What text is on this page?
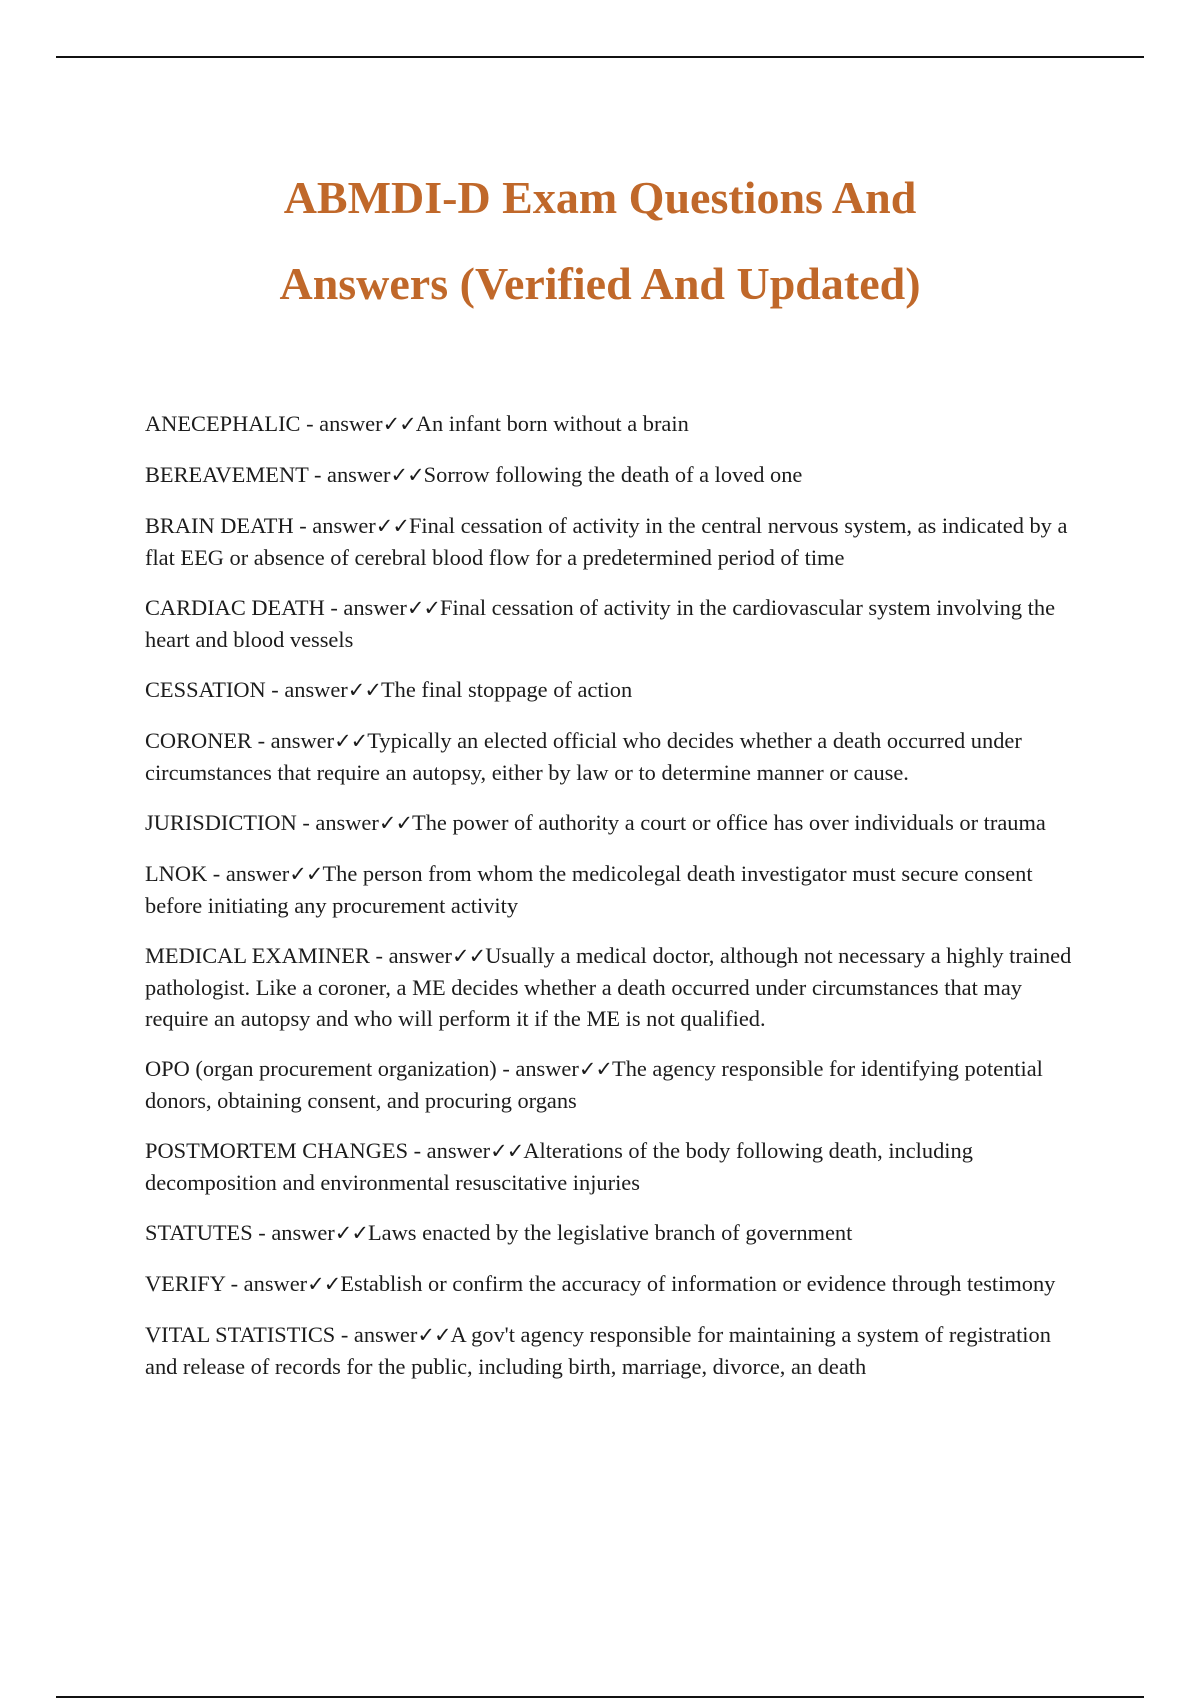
ABMDI-D Exam Questions And
Answers (Verified And Updated)
ANECEPHALIC - answer✓✓An infant born without a brain
BEREAVEMENT - answer✓✓Sorrow following the death of a loved one
BRAIN DEATH - answer✓✓Final cessation of activity in the central nervous system, as indicated by a flat EEG or absence of cerebral blood flow for a predetermined period of time
CARDIAC DEATH - answer✓✓Final cessation of activity in the cardiovascular system involving the heart and blood vessels
CESSATION - answer✓✓The final stoppage of action
CORONER - answer✓✓Typically an elected official who decides whether a death occurred under circumstances that require an autopsy, either by law or to determine manner or cause.
JURISDICTION - answer✓✓The power of authority a court or office has over individuals or trauma
LNOK - answer✓✓The person from whom the medicolegal death investigator must secure consent before initiating any procurement activity
MEDICAL EXAMINER - answer✓✓Usually a medical doctor, although not necessary a highly trained pathologist. Like a coroner, a ME decides whether a death occurred under circumstances that may require an autopsy and who will perform it if the ME is not qualified.
OPO (organ procurement organization) - answer✓✓The agency responsible for identifying potential donors, obtaining consent, and procuring organs
POSTMORTEM CHANGES - answer✓✓Alterations of the body following death, including decomposition and environmental resuscitative injuries
STATUTES - answer✓✓Laws enacted by the legislative branch of government
VERIFY - answer✓✓Establish or confirm the accuracy of information or evidence through testimony
VITAL STATISTICS - answer✓✓A gov't agency responsible for maintaining a system of registration and release of records for the public, including birth, marriage, divorce, an death
